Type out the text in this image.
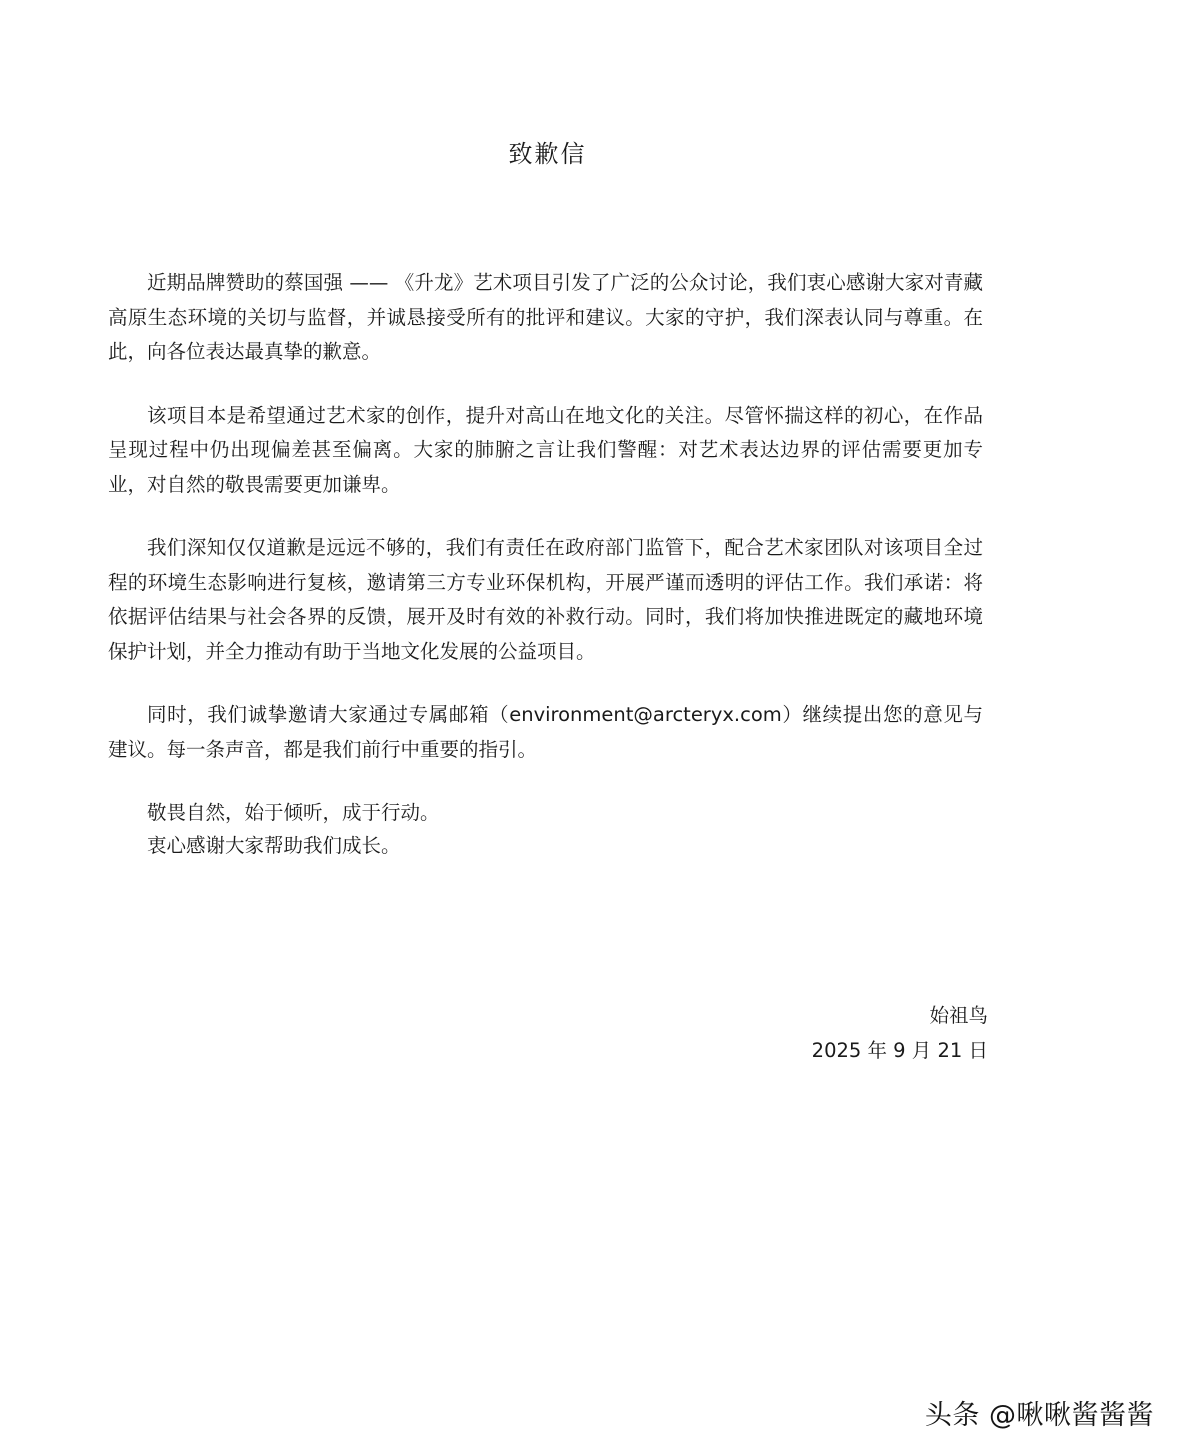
致歉信

近期品牌赞助的蔡国强 —— 《升龙》艺术项目引发了广泛的公众讨论，我们衷心感谢大家对青藏高原生态环境的关切与监督，并诚恳接受所有的批评和建议。大家的守护，我们深表认同与尊重。在此，向各位表达最真挚的歉意。

该项目本是希望通过艺术家的创作，提升对高山在地文化的关注。尽管怀揣这样的初心，在作品呈现过程中仍出现偏差甚至偏离。大家的肺腑之言让我们警醒：对艺术表达边界的评估需要更加专业，对自然的敬畏需要更加谦卑。

我们深知仅仅道歉是远远不够的，我们有责任在政府部门监管下，配合艺术家团队对该项目全过程的环境生态影响进行复核，邀请第三方专业环保机构，开展严谨而透明的评估工作。我们承诺：将依据评估结果与社会各界的反馈，展开及时有效的补救行动。同时，我们将加快推进既定的藏地环境保护计划，并全力推动有助于当地文化发展的公益项目。

同时，我们诚挚邀请大家通过专属邮箱（environment@arcteryx.com）继续提出您的意见与建议。每一条声音，都是我们前行中重要的指引。

敬畏自然，始于倾听，成于行动。
衷心感谢大家帮助我们成长。

始祖鸟
2025 年 9 月 21 日
头条 @啾啾酱酱酱
